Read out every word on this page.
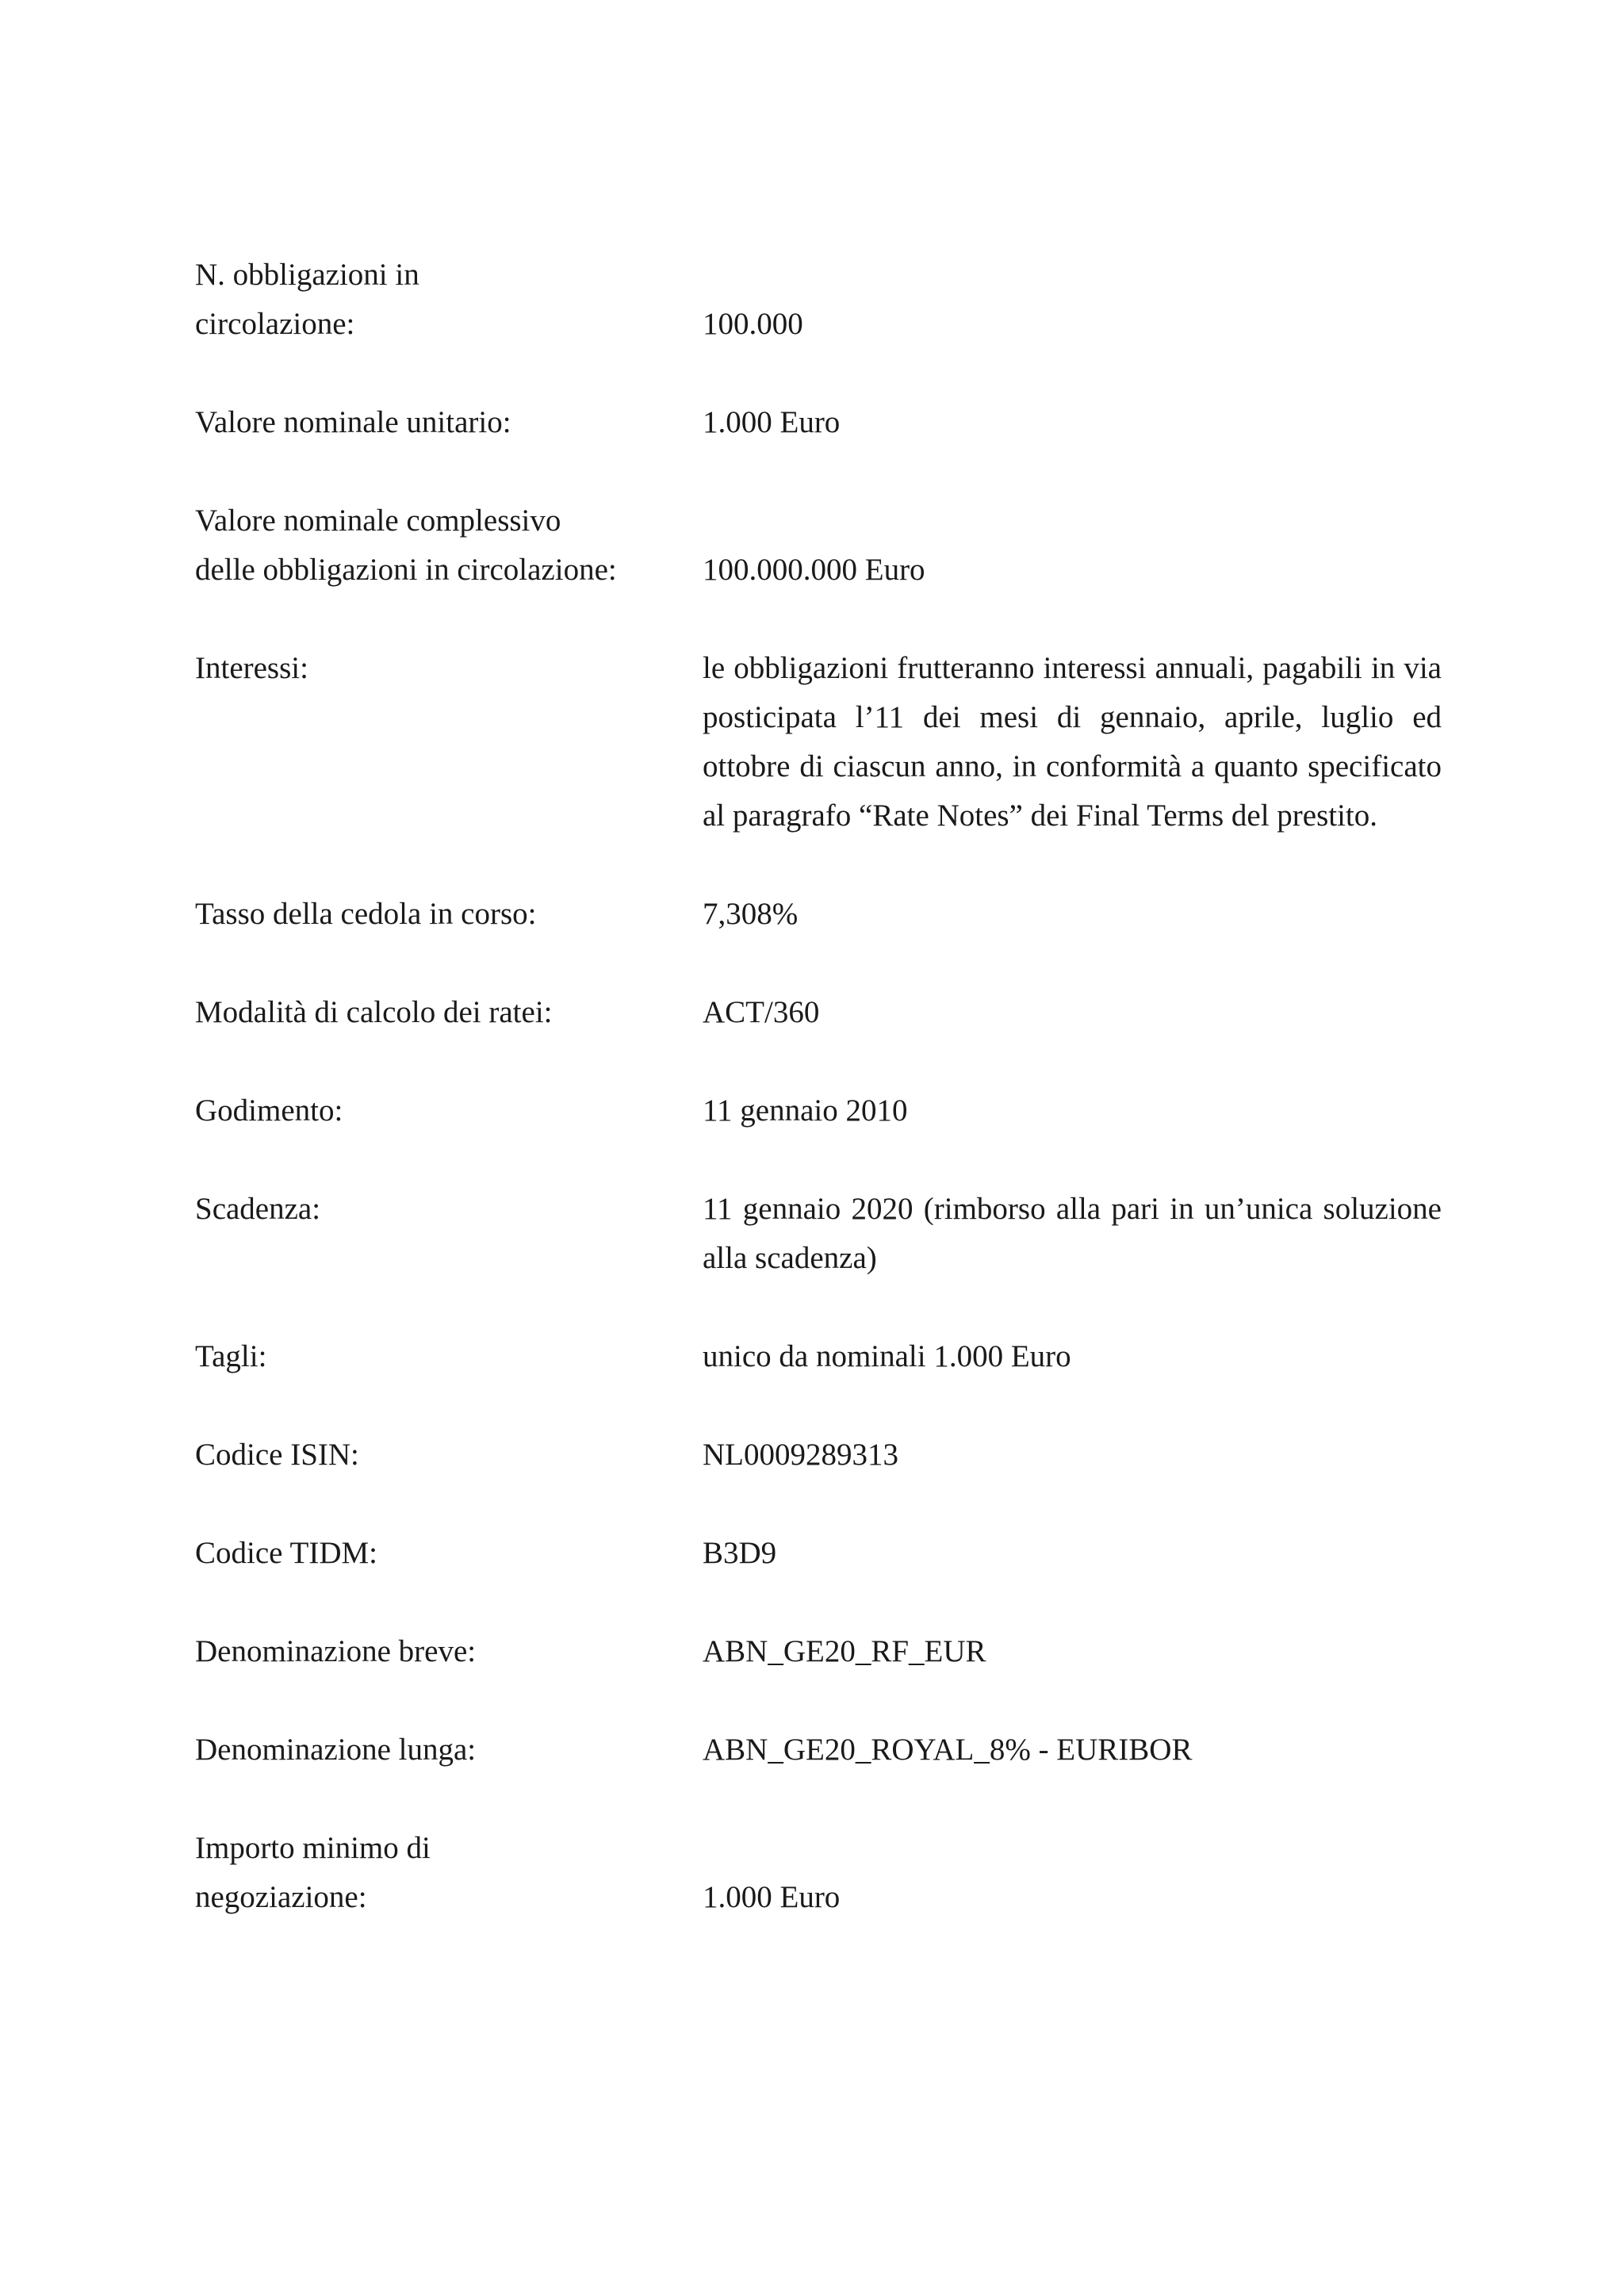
N. obbligazioni in
circolazione:	100.000
Valore nominale unitario:	1.000 Euro
Valore nominale complessivo
delle obbligazioni in circolazione:	100.000.000 Euro
Interessi:	le obbligazioni frutteranno interessi annuali, pagabili in via posticipata l’11 dei mesi di gennaio, aprile, luglio ed ottobre di ciascun anno, in conformità a quanto specificato al paragrafo “Rate Notes” dei Final Terms del prestito.
Tasso della cedola in corso:	7,308%
Modalità di calcolo dei ratei:	ACT/360
Godimento:	11 gennaio 2010
Scadenza:	11 gennaio 2020 (rimborso alla pari in un’unica soluzione alla scadenza)
Tagli:	unico da nominali 1.000 Euro
Codice ISIN:	NL0009289313
Codice TIDM:	B3D9
Denominazione breve:	ABN_GE20_RF_EUR
Denominazione lunga:	ABN_GE20_ROYAL_8% - EURIBOR
Importo minimo di
negoziazione:	1.000 Euro
